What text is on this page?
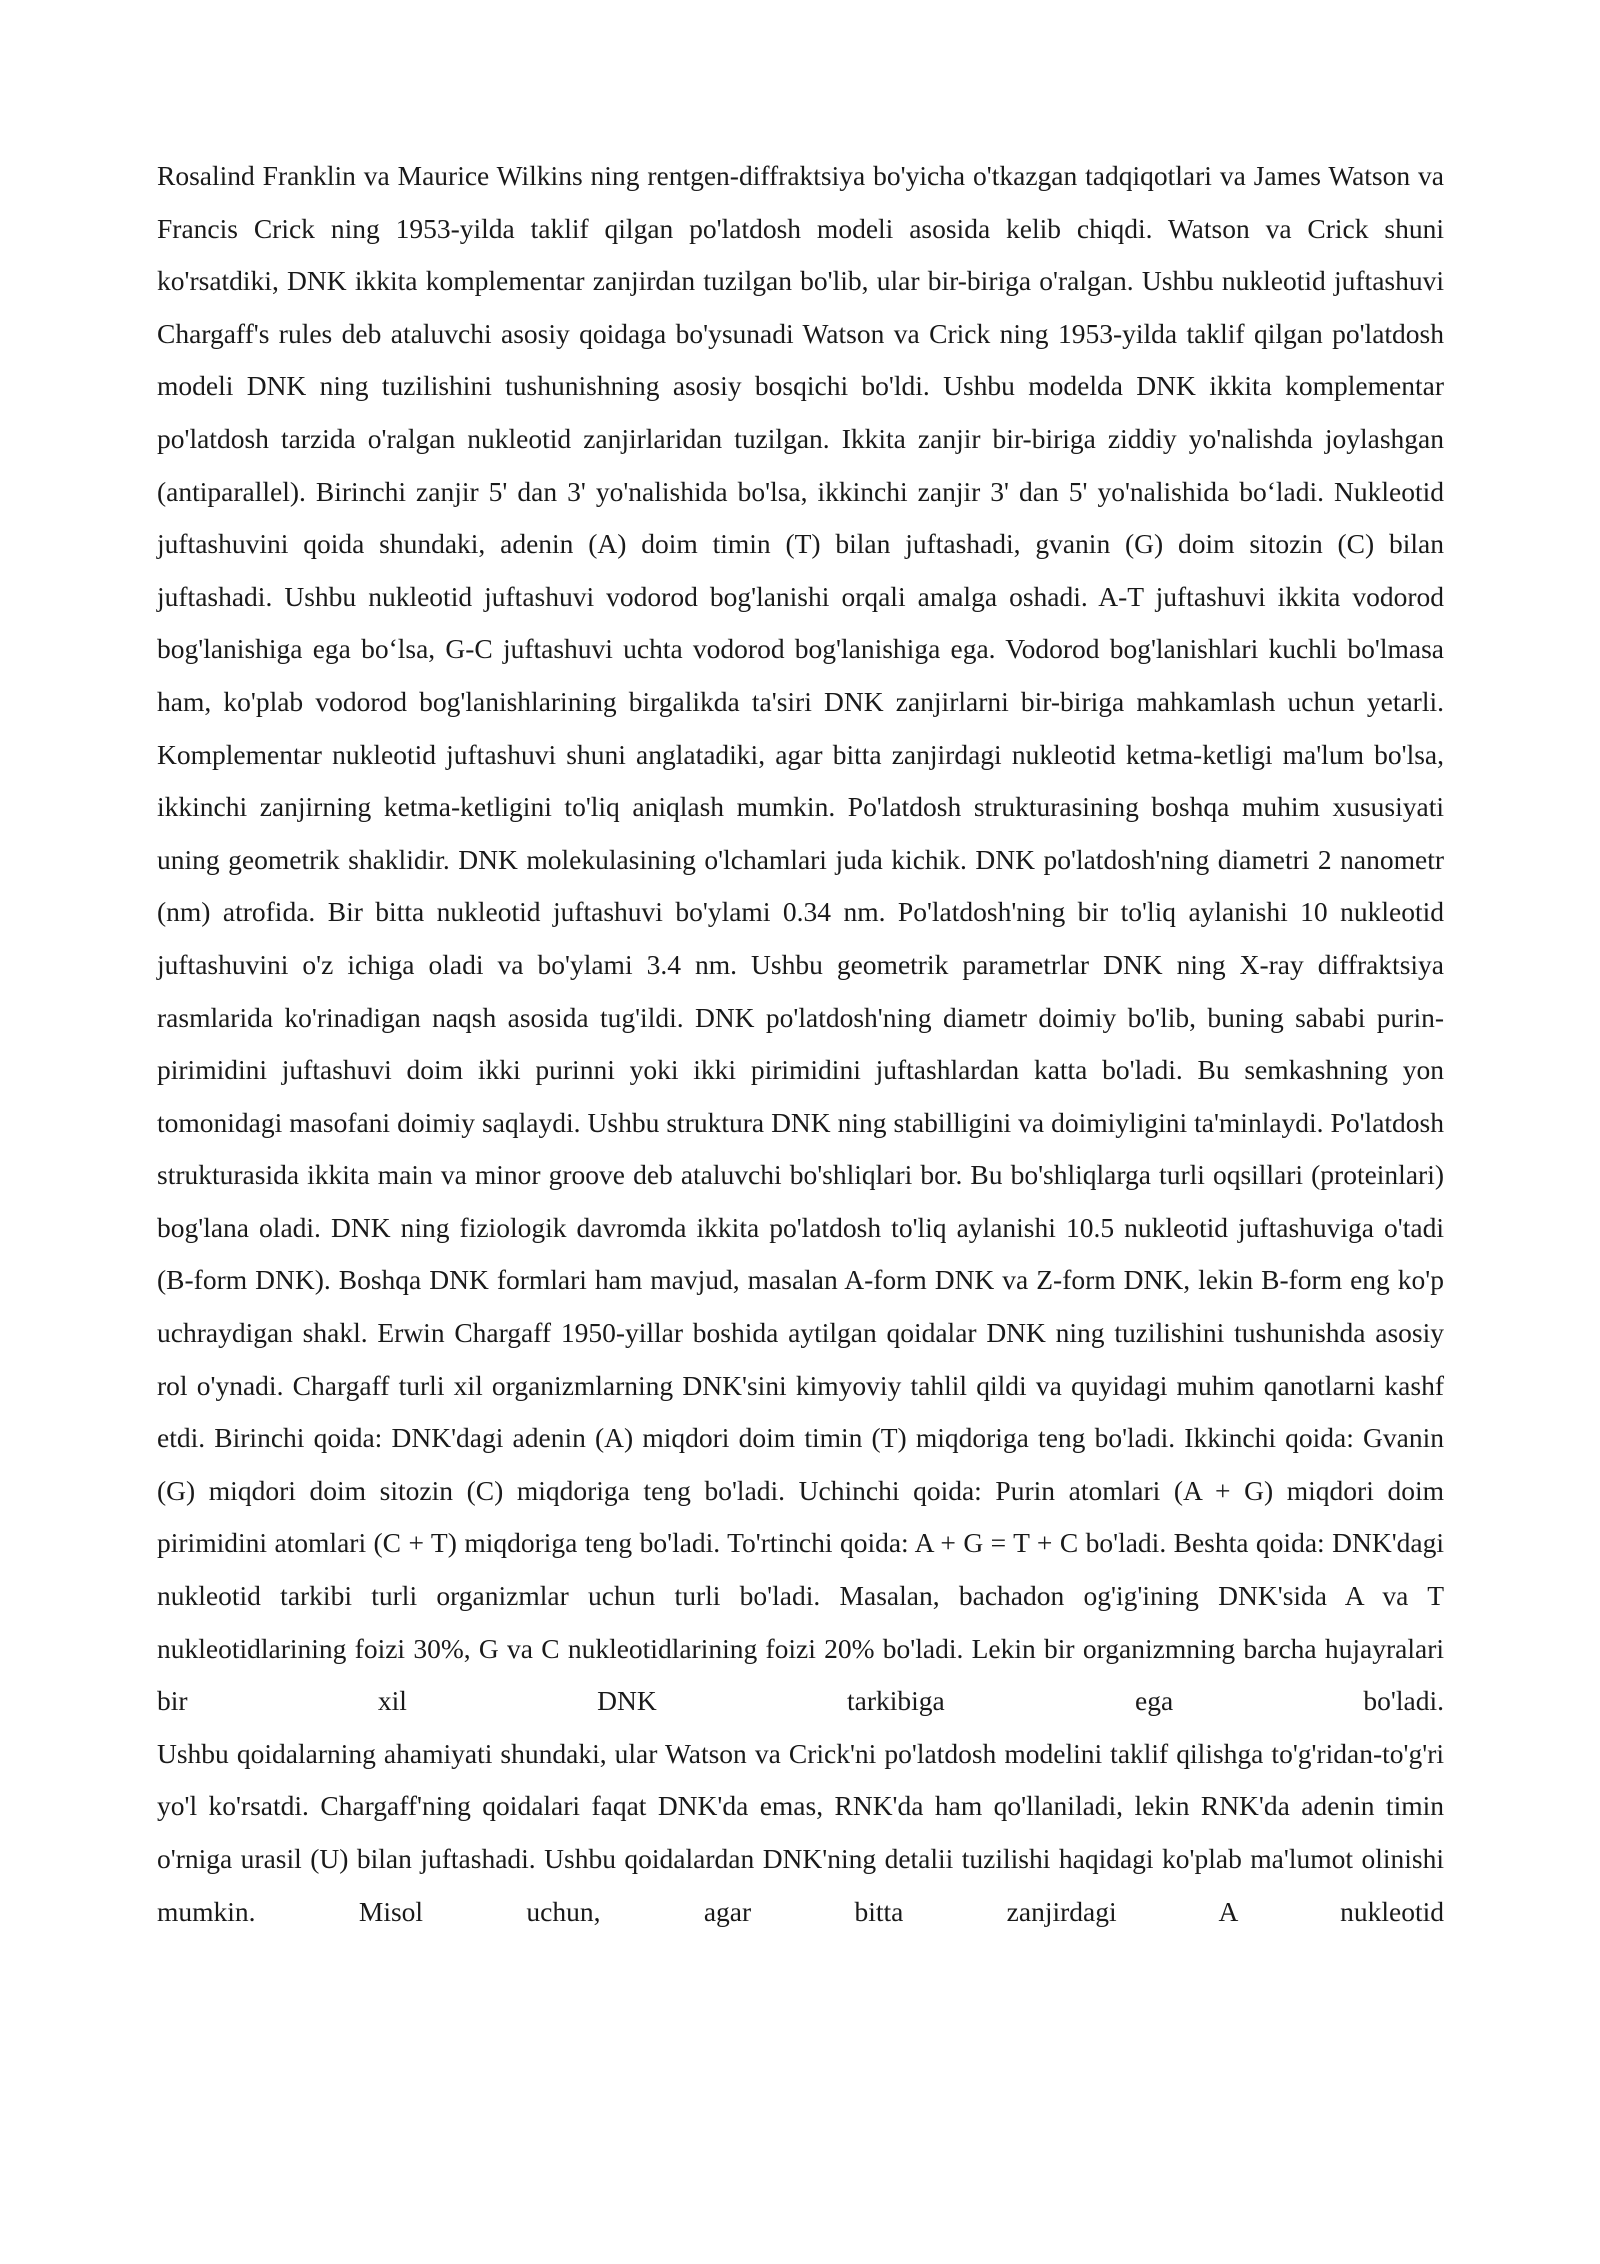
Rosalind Franklin va Maurice Wilkins ning rentgen-diffraktsiya bo'yicha o'tkazgan tadqiqotlari va James Watson va Francis Crick ning 1953-yilda taklif qilgan po'latdosh modeli asosida kelib chiqdi. Watson va Crick shuni ko'rsatdiki, DNK ikkita komplementar zanjirdan tuzilgan bo'lib, ular bir-biriga o'ralgan. Ushbu nukleotid juftashuvi Chargaff's rules deb ataluvchi asosiy qoidaga bo'ysunadi Watson va Crick ning 1953-yilda taklif qilgan po'latdosh modeli DNK ning tuzilishini tushunishning asosiy bosqichi bo'ldi. Ushbu modelda DNK ikkita komplementar po'latdosh tarzida o'ralgan nukleotid zanjirlaridan tuzilgan. Ikkita zanjir bir-biriga ziddiy yo'nalishda joylashgan (antiparallel). Birinchi zanjir 5' dan 3' yo'nalishida bo'lsa, ikkinchi zanjir 3' dan 5' yo'nalishida bo‘ladi. Nukleotid juftashuvini qoida shundaki, adenin (A) doim timin (T) bilan juftashadi, gvanin (G) doim sitozin (C) bilan juftashadi. Ushbu nukleotid juftashuvi vodorod bog'lanishi orqali amalga oshadi. A-T juftashuvi ikkita vodorod bog'lanishiga ega bo‘lsa, G-C juftashuvi uchta vodorod bog'lanishiga ega. Vodorod bog'lanishlari kuchli bo'lmasa ham, ko'plab vodorod bog'lanishlarining birgalikda ta'siri DNK zanjirlarni bir-biriga mahkamlash uchun yetarli. Komplementar nukleotid juftashuvi shuni anglatadiki, agar bitta zanjirdagi nukleotid ketma-ketligi ma'lum bo'lsa, ikkinchi zanjirning ketma-ketligini to'liq aniqlash mumkin. Po'latdosh strukturasining boshqa muhim xususiyati uning geometrik shaklidir. DNK molekulasining o'lchamlari juda kichik. DNK po'latdosh'ning diametri 2 nanometr (nm) atrofida. Bir bitta nukleotid juftashuvi bo'ylami 0.34 nm. Po'latdosh'ning bir to'liq aylanishi 10 nukleotid juftashuvini o'z ichiga oladi va bo'ylami 3.4 nm. Ushbu geometrik parametrlar DNK ning X-ray diffraktsiya rasmlarida ko'rinadigan naqsh asosida tug'ildi. DNK po'latdosh'ning diametr doimiy bo'lib, buning sababi purin-pirimidini juftashuvi doim ikki purinni yoki ikki pirimidini juftashlardan katta bo'ladi. Bu semkashning yon tomonidagi masofani doimiy saqlaydi. Ushbu struktura DNK ning stabilligini va doimiyligini ta'minlaydi. Po'latdosh strukturasida ikkita main va minor groove deb ataluvchi bo'shliqlari bor. Bu bo'shliqlarga turli oqsillari (proteinlari) bog'lana oladi. DNK ning fiziologik davromda ikkita po'latdosh to'liq aylanishi 10.5 nukleotid juftashuviga o'tadi (B-form DNK). Boshqa DNK formlari ham mavjud, masalan A-form DNK va Z-form DNK, lekin B-form eng ko'p uchraydigan shakl. Erwin Chargaff 1950-yillar boshida aytilgan qoidalar DNK ning tuzilishini tushunishda asosiy rol o'ynadi. Chargaff turli xil organizmlarning DNK'sini kimyoviy tahlil qildi va quyidagi muhim qanotlarni kashf etdi. Birinchi qoida: DNK'dagi adenin (A) miqdori doim timin (T) miqdoriga teng bo'ladi. Ikkinchi qoida: Gvanin (G) miqdori doim sitozin (C) miqdoriga teng bo'ladi. Uchinchi qoida: Purin atomlari (A + G) miqdori doim pirimidini atomlari (C + T) miqdoriga teng bo'ladi. To'rtinchi qoida: A + G = T + C bo'ladi. Beshta qoida: DNK'dagi nukleotid tarkibi turli organizmlar uchun turli bo'ladi. Masalan, bachadon og'ig'ining DNK'sida A va T nukleotidlarining foizi 30%, G va C nukleotidlarining foizi 20% bo'ladi. Lekin bir organizmning barcha hujayralari bir xil DNK tarkibiga ega bo'ladi.

Ushbu qoidalarning ahamiyati shundaki, ular Watson va Crick'ni po'latdosh modelini taklif qilishga to'g'ridan-to'g'ri yo'l ko'rsatdi. Chargaff'ning qoidalari faqat DNK'da emas, RNK'da ham qo'llaniladi, lekin RNK'da adenin timin o'rniga urasil (U) bilan juftashadi. Ushbu qoidalardan DNK'ning detalii tuzilishi haqidagi ko'plab ma'lumot olinishi mumkin. Misol uchun, agar bitta zanjirdagi A nukleotid
